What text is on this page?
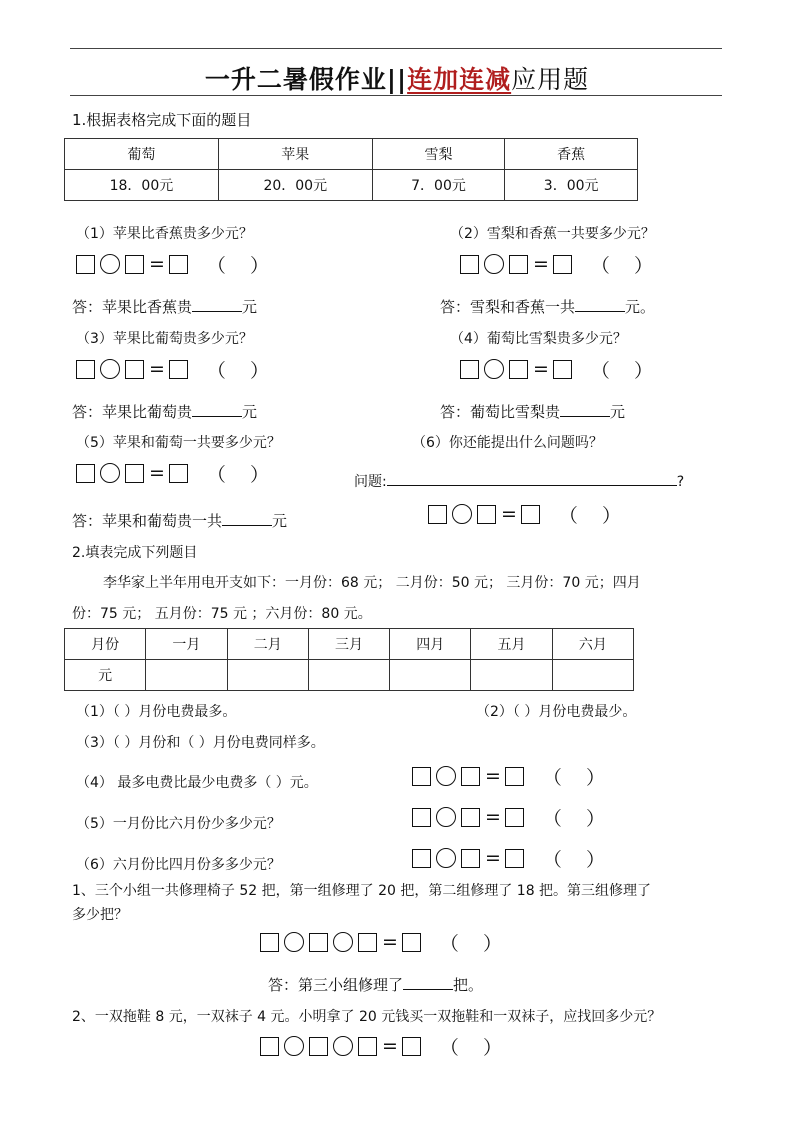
一升二暑假作业||连加连减应用题
1.根据表格完成下面的题目
葡萄	苹果	雪梨	香蕉
18．00元	20．00元	7．00元	3．00元
（1）苹果比香蕉贵多少元？	（2）雪梨和香蕉一共要多少元？
= （ ）	= （ ）
答：苹果比香蕉贵	元	答：雪梨和香蕉一共	元。
（3）苹果比葡萄贵多少元？	（4）葡萄比雪梨贵多少元？
= （ ）	= （ ）
答：苹果比葡萄贵	元	答：葡萄比雪梨贵	元
（5）苹果和葡萄一共要多少元？	（6）你还能提出什么问题吗？
= （ ）	问题:	?
答：苹果和葡萄贵一共	元	= （ ）
2.填表完成下列题目
李华家上半年用电开支如下：一月份：68 元； 二月份：50 元； 三月份：70 元；四月
份：75 元； 五月份：75 元 ；六月份：80 元。
月份	一月	二月	三月	四月	五月	六月
元						
（1）（ ）月份电费最多。	（2）（ ）月份电费最少。
（3）（ ）月份和（ ）月份电费同样多。
（4） 最多电费比最少电费多（ ）元。	= （ ）
（5）一月份比六月份少多少元？	= （ ）
（6）六月份比四月份多多少元？	= （ ）
1、三个小组一共修理椅子 52 把，第一组修理了 20 把，第二组修理了 18 把。第三组修理了
多少把？
= （ ）
答：第三小组修理了	把。
2、一双拖鞋 8 元，一双袜子 4 元。小明拿了 20 元钱买一双拖鞋和一双袜子，应找回多少元？
= （ ）
